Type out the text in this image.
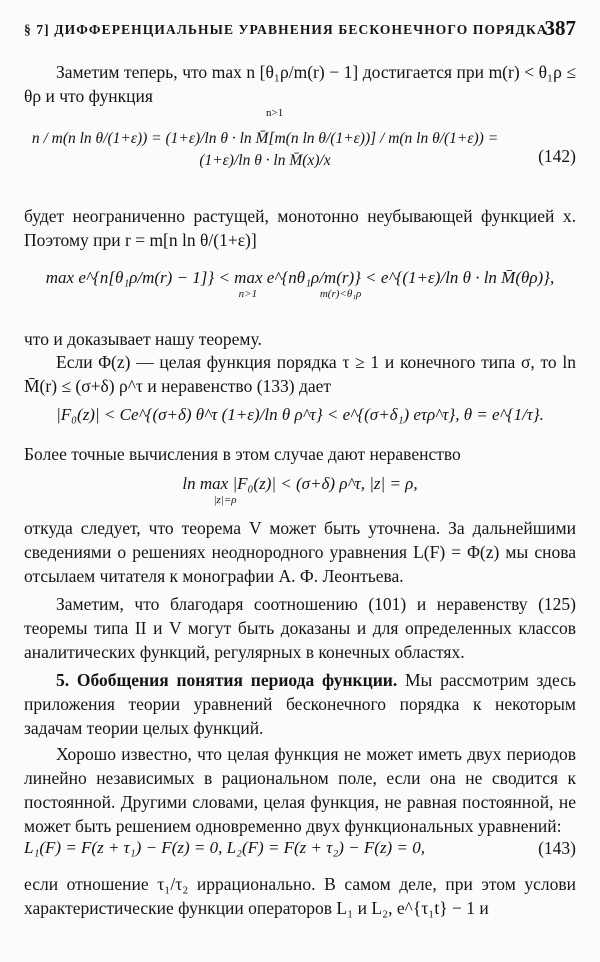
§ 7] ДИФФЕРЕНЦИАЛЬНЫЕ УРАВНЕНИЯ БЕСКОНЕЧНОГО ПОРЯДКА
387
Заметим теперь, что max n [θ₁ρ/m(r) − 1] достигается при m(r) < θ₁ρ ≤ θρ и что функция
n>1
n / m(n ln θ/(1+ε)) = (1+ε)/ln θ · ln M̄[m(n ln θ/(1+ε))] / m(n ln θ/(1+ε)) = (1+ε)/ln θ · ln M̄(x)/x	(142)
будет неограниченно растущей, монотонно неубывающей функцией x. Поэтому при r = m[n ln θ/(1+ε)]
max e^{n[θ₁ρ/m(r) − 1]} < max e^{nθ₁ρ/m(r)} < e^{(1+ε)/ln θ · ln M̄(θρ)},
n>1	m(r)<θ₁ρ
что и доказывает нашу теорему.
Если Φ(z) — целая функция порядка τ ≥ 1 и конечного типа σ, то ln M̄(r) ≤ (σ+δ) ρ^τ и неравенство (133) дает
|F₀(z)| < Ce^{(σ+δ) θ^τ (1+ε)/ln θ ρ^τ} < e^{(σ+δ₁) eτρ^τ}, θ = e^{1/τ}.
Более точные вычисления в этом случае дают неравенство
ln max |F₀(z)| < (σ+δ) ρ^τ, |z| = ρ,
|z|=ρ
откуда следует, что теорема V может быть уточнена. За дальнейшими сведениями о решениях неоднородного уравнения L(F) = Φ(z) мы снова отсылаем читателя к монографии А. Ф. Леонтьева.
Заметим, что благодаря соотношению (101) и неравенству (125) теоремы типа II и V могут быть доказаны и для определенных классов аналитических функций, регулярных в конечных областях.
5. Обобщения понятия периода функции. Мы рассмотрим здесь приложения теории уравнений бесконечного порядка к некоторым задачам теории целых функций.
Хорошо известно, что целая функция не может иметь двух периодов линейно независимых в рациональном поле, если она не сводится к постоянной. Другими словами, целая функция, не равная постоянной, не может быть решением одновременно двух функциональных уравнений:
L₁(F) = F(z + τ₁) − F(z) = 0, L₂(F) = F(z + τ₂) − F(z) = 0,	(143)
если отношение τ₁/τ₂ иррационально. В самом деле, при этом услови характеристические функции операторов L₁ и L₂, e^{τ₁t} − 1 и
